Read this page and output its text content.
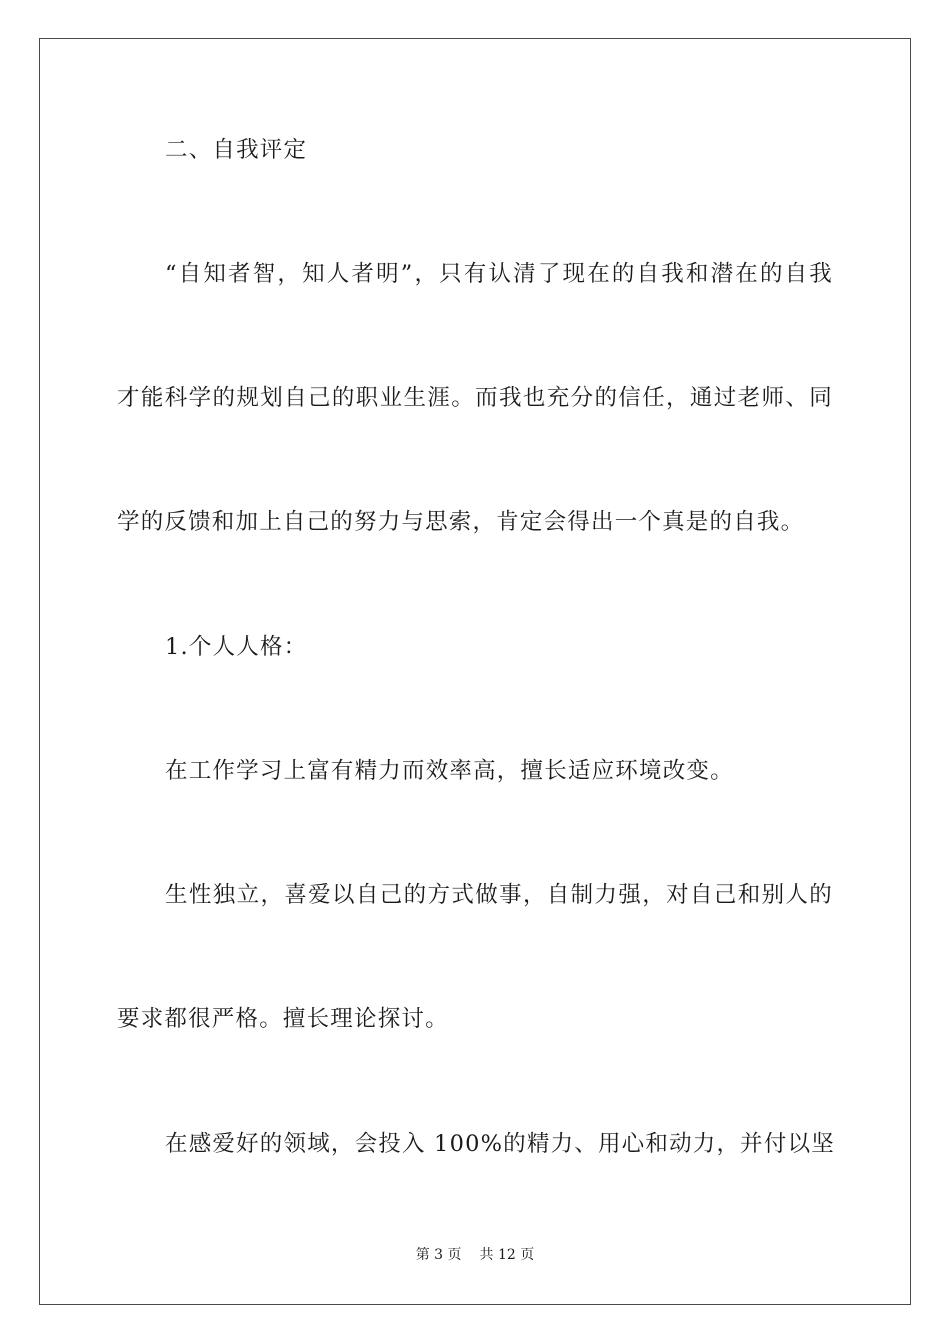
二、自我评定
“自知者智，知人者明”，只有认清了现在的自我和潜在的自我
才能科学的规划自己的职业生涯。而我也充分的信任，通过老师、同
学的反馈和加上自己的努力与思索，肯定会得出一个真是的自我。
1.个人人格：
在工作学习上富有精力而效率高，擅长适应环境改变。
生性独立，喜爱以自己的方式做事，自制力强，对自己和别人的
要求都很严格。擅长理论探讨。
在感爱好的领域，会投入 100%的精力、用心和动力，并付以坚
第 3 页 共 12 页
